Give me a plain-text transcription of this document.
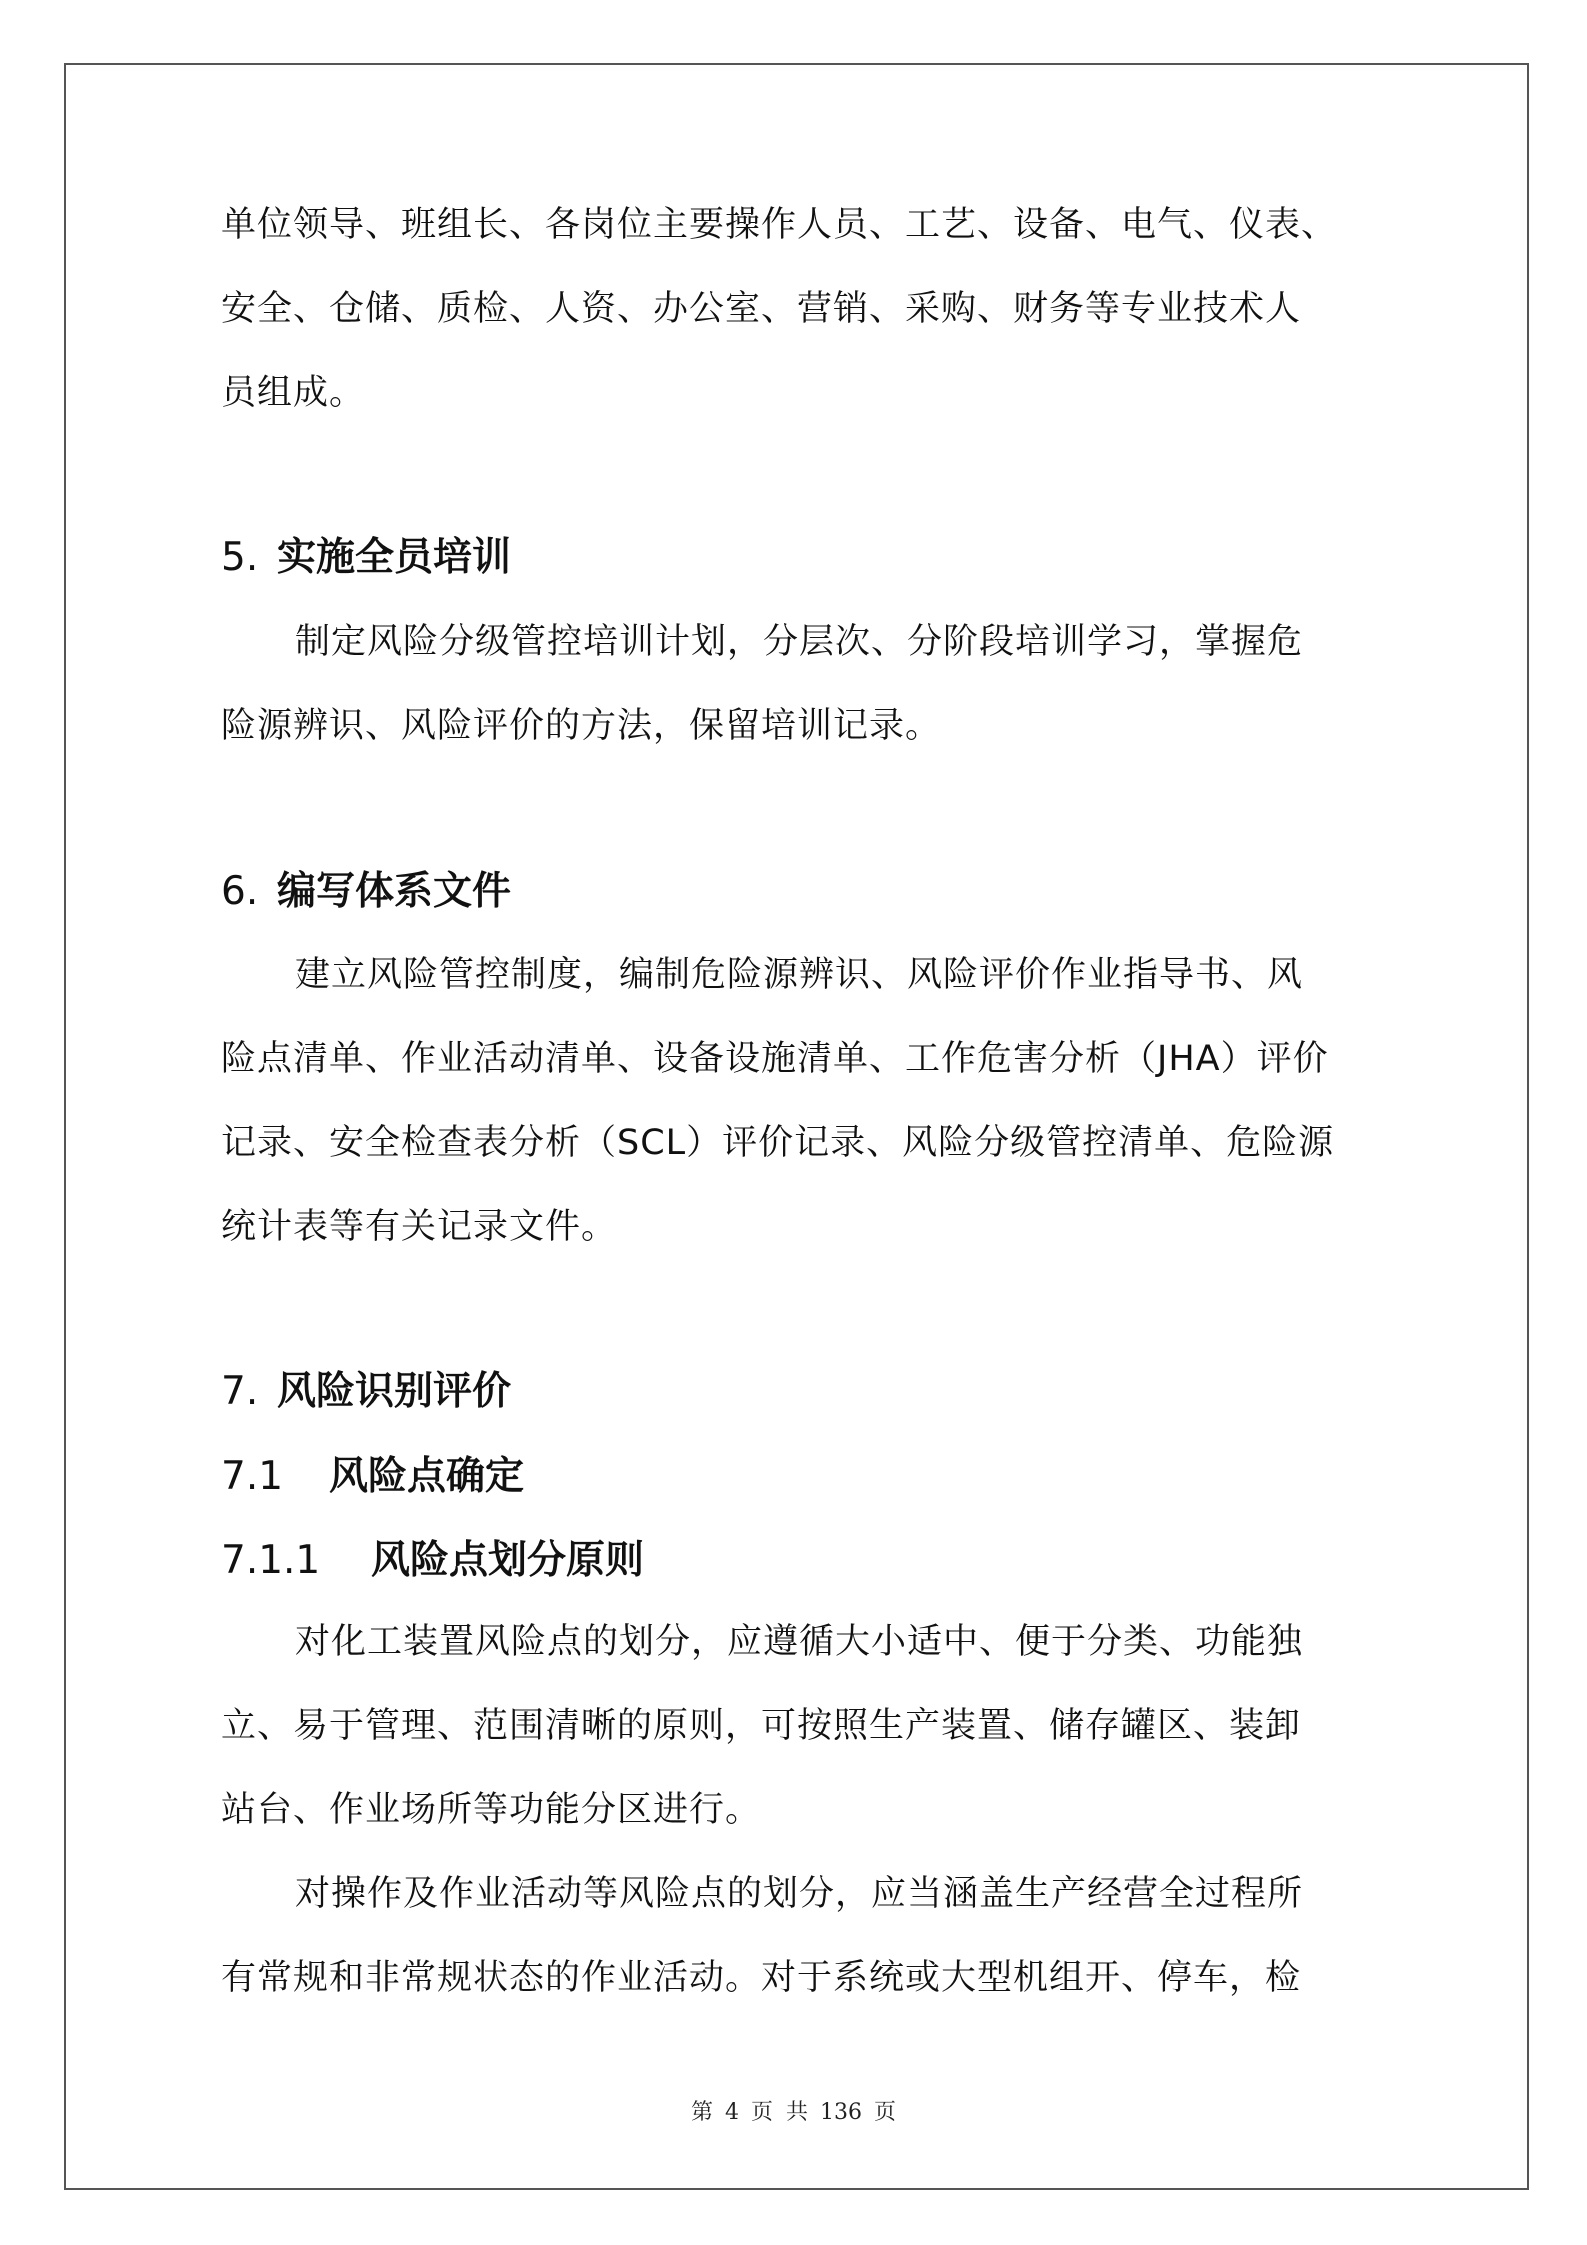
单位领导、班组长、各岗位主要操作人员、工艺、设备、电气、仪表、
安全、仓储、质检、人资、办公室、营销、采购、财务等专业技术人
员组成。
5. 实施全员培训
制定风险分级管控培训计划，分层次、分阶段培训学习，掌握危
险源辨识、风险评价的方法，保留培训记录。
6. 编写体系文件
建立风险管控制度，编制危险源辨识、风险评价作业指导书、风
险点清单、作业活动清单、设备设施清单、工作危害分析（JHA）评价
记录、安全检查表分析（SCL）评价记录、风险分级管控清单、危险源
统计表等有关记录文件。
7. 风险识别评价
7.1 风险点确定
7.1.1 风险点划分原则
对化工装置风险点的划分，应遵循大小适中、便于分类、功能独
立、易于管理、范围清晰的原则，可按照生产装置、储存罐区、装卸
站台、作业场所等功能分区进行。
对操作及作业活动等风险点的划分，应当涵盖生产经营全过程所
有常规和非常规状态的作业活动。对于系统或大型机组开、停车，检
第 4 页 共 136 页
